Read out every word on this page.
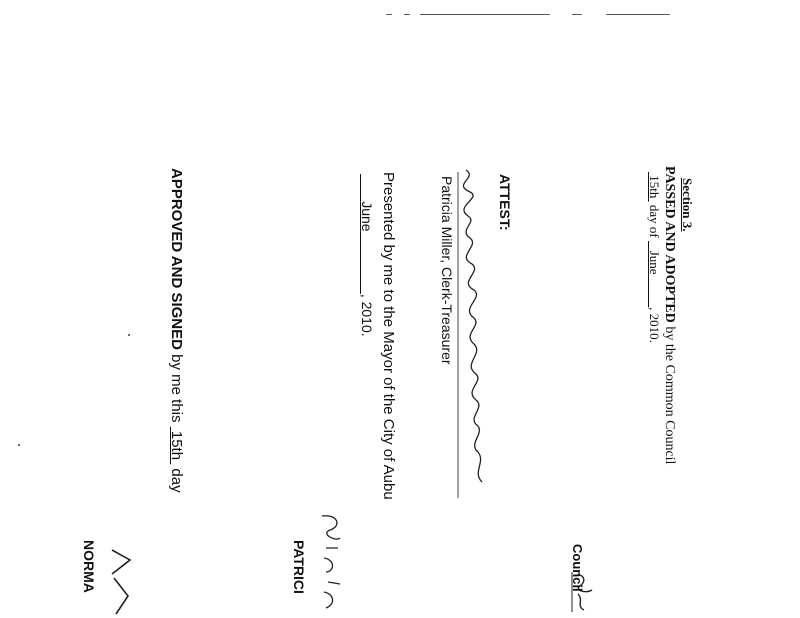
Section 3.
PASSED AND ADOPTED by the Common Council
15th  day of    June          , 2010.
Council
ATTEST:
Patricia Miller, Clerk-Treasurer
Presented by me to the Mayor of the City of Aubu
June                , 2010.
PATRICI
APPROVED AND SIGNED by me this  15th  day
NORMA
